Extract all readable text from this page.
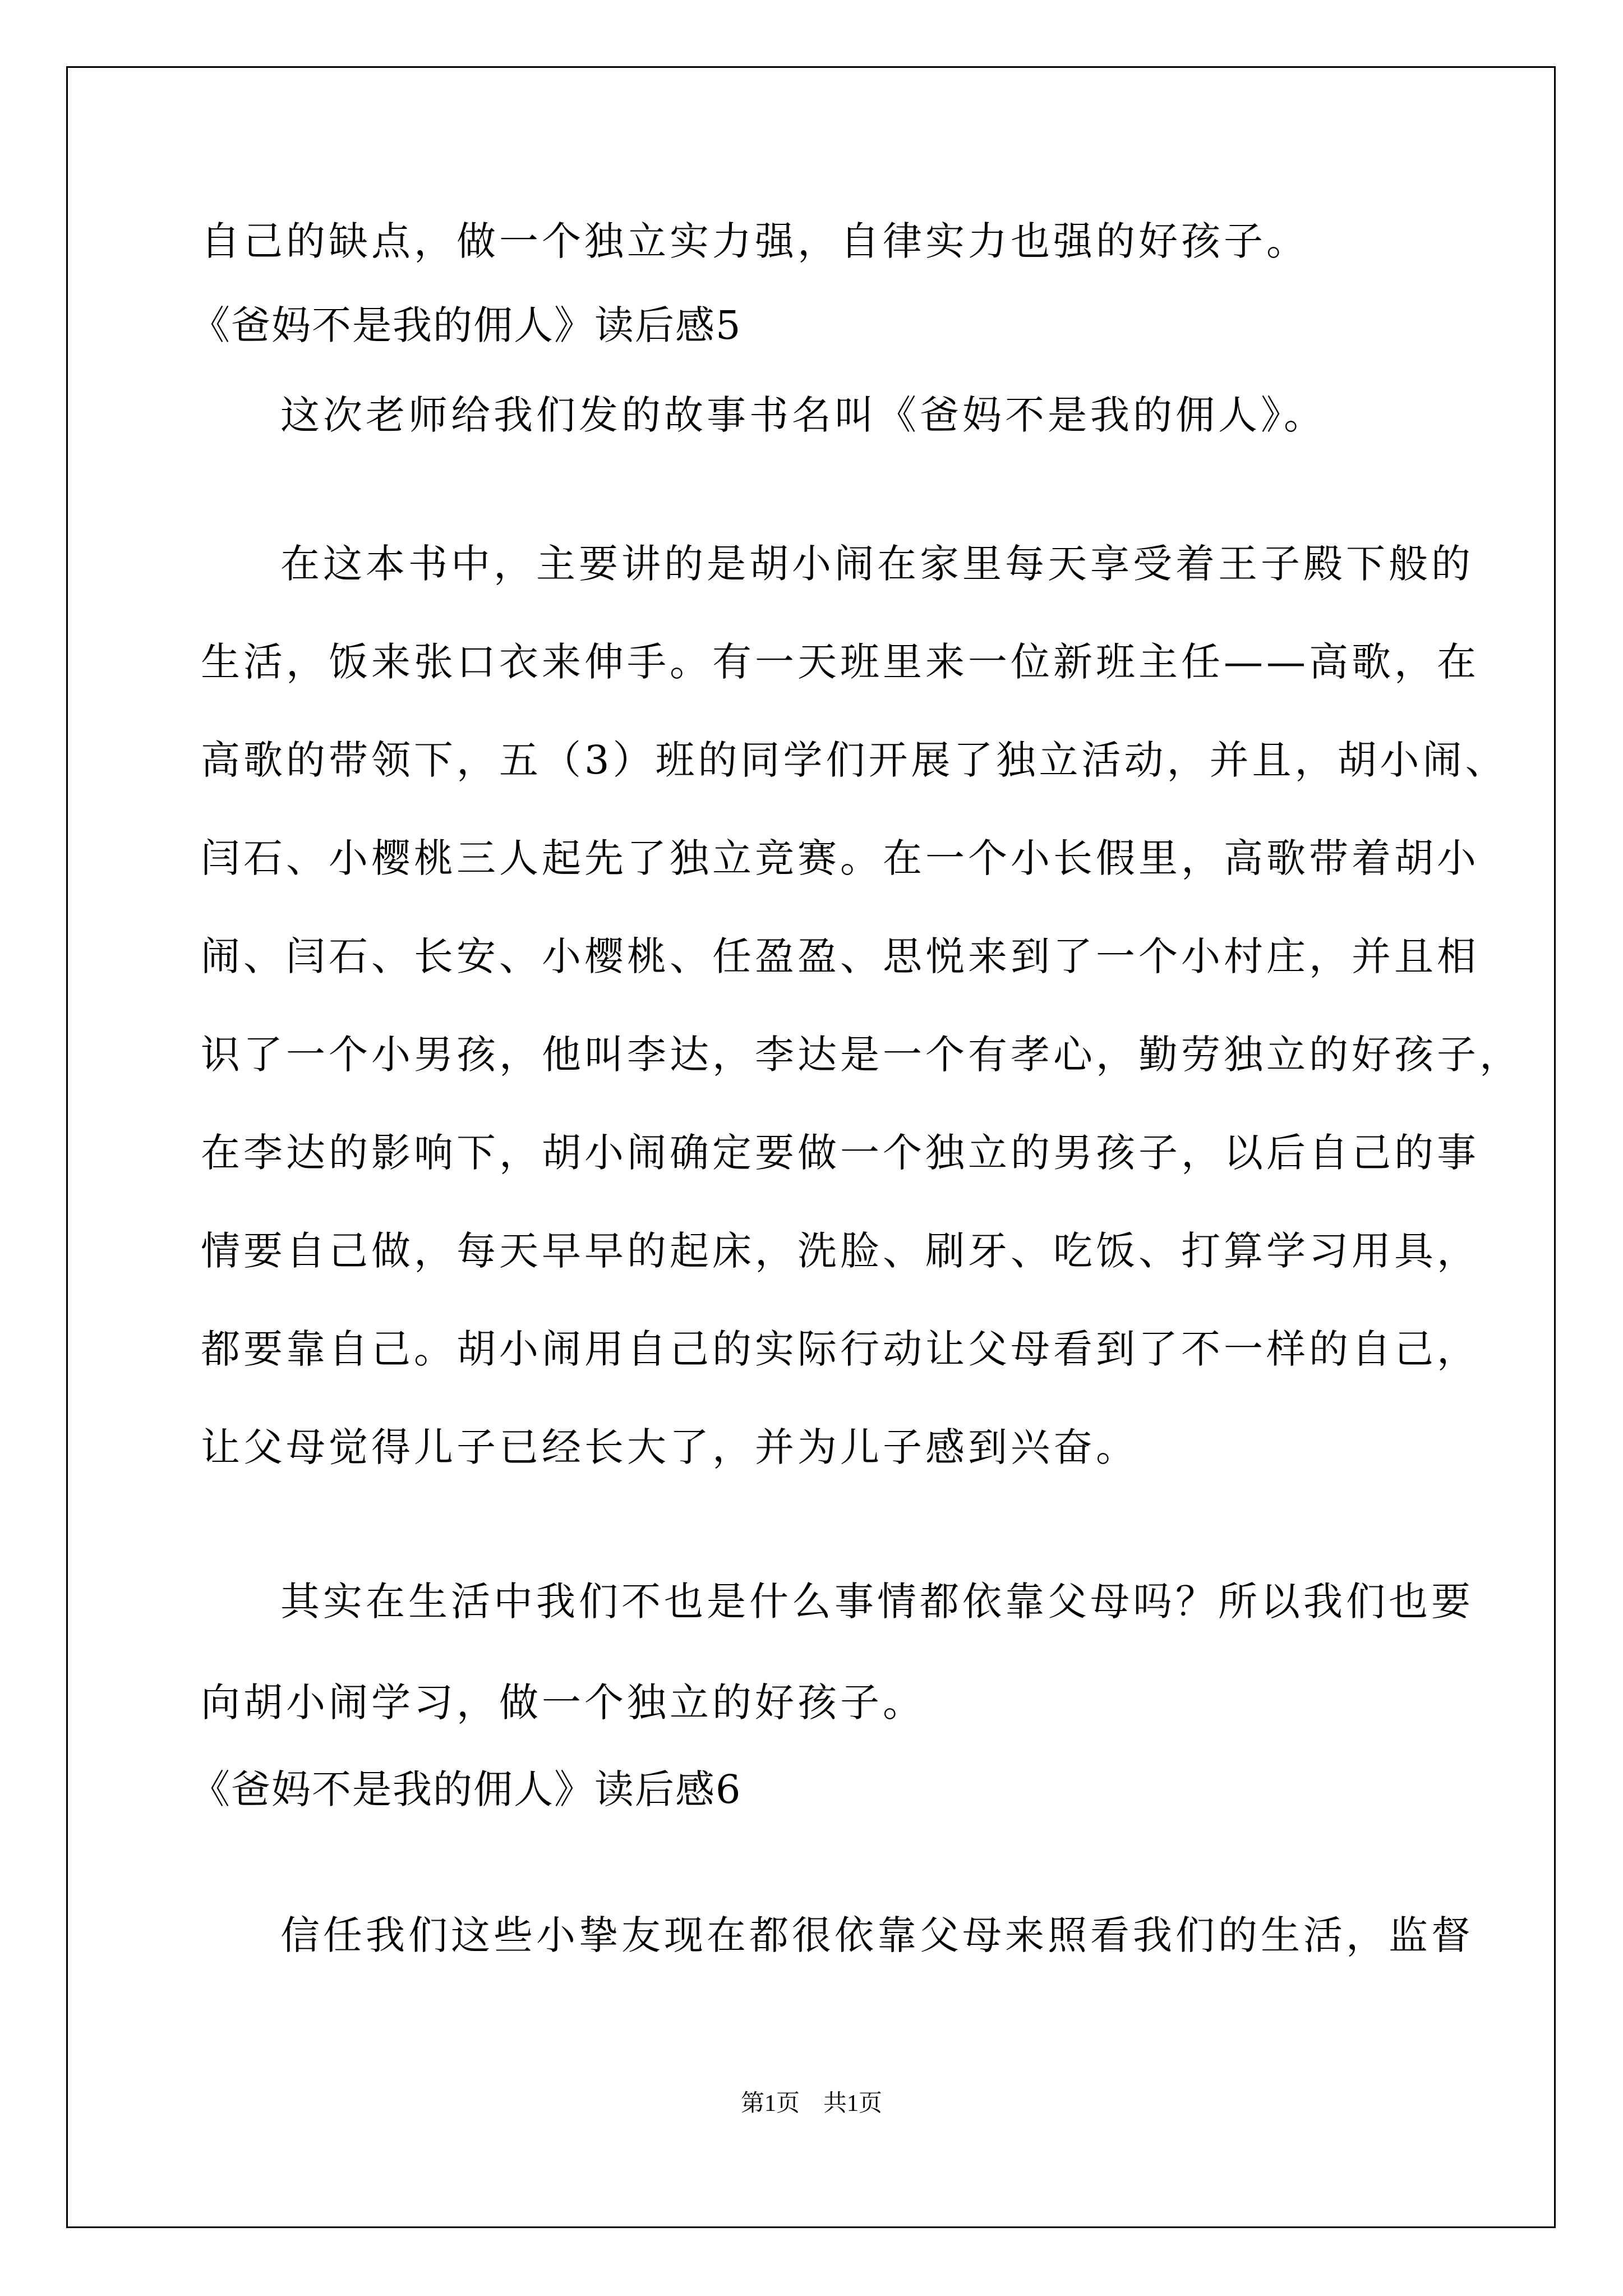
自己的缺点，做一个独立实力强，自律实力也强的好孩子。
《爸妈不是我的佣人》读后感5
这次老师给我们发的故事书名叫《爸妈不是我的佣人》。
在这本书中，主要讲的是胡小闹在家里每天享受着王子殿下般的
生活，饭来张口衣来伸手。有一天班里来一位新班主任——高歌，在
高歌的带领下，五（3）班的同学们开展了独立活动，并且，胡小闹、
闫石、小樱桃三人起先了独立竞赛。在一个小长假里，高歌带着胡小
闹、闫石、长安、小樱桃、任盈盈、思悦来到了一个小村庄，并且相
识了一个小男孩，他叫李达，李达是一个有孝心，勤劳独立的好孩子，
在李达的影响下，胡小闹确定要做一个独立的男孩子，以后自己的事
情要自己做，每天早早的起床，洗脸、刷牙、吃饭、打算学习用具，
都要靠自己。胡小闹用自己的实际行动让父母看到了不一样的自己，
让父母觉得儿子已经长大了，并为儿子感到兴奋。
其实在生活中我们不也是什么事情都依靠父母吗？所以我们也要
向胡小闹学习，做一个独立的好孩子。
《爸妈不是我的佣人》读后感6
信任我们这些小挚友现在都很依靠父母来照看我们的生活，监督
第1页　共1页
